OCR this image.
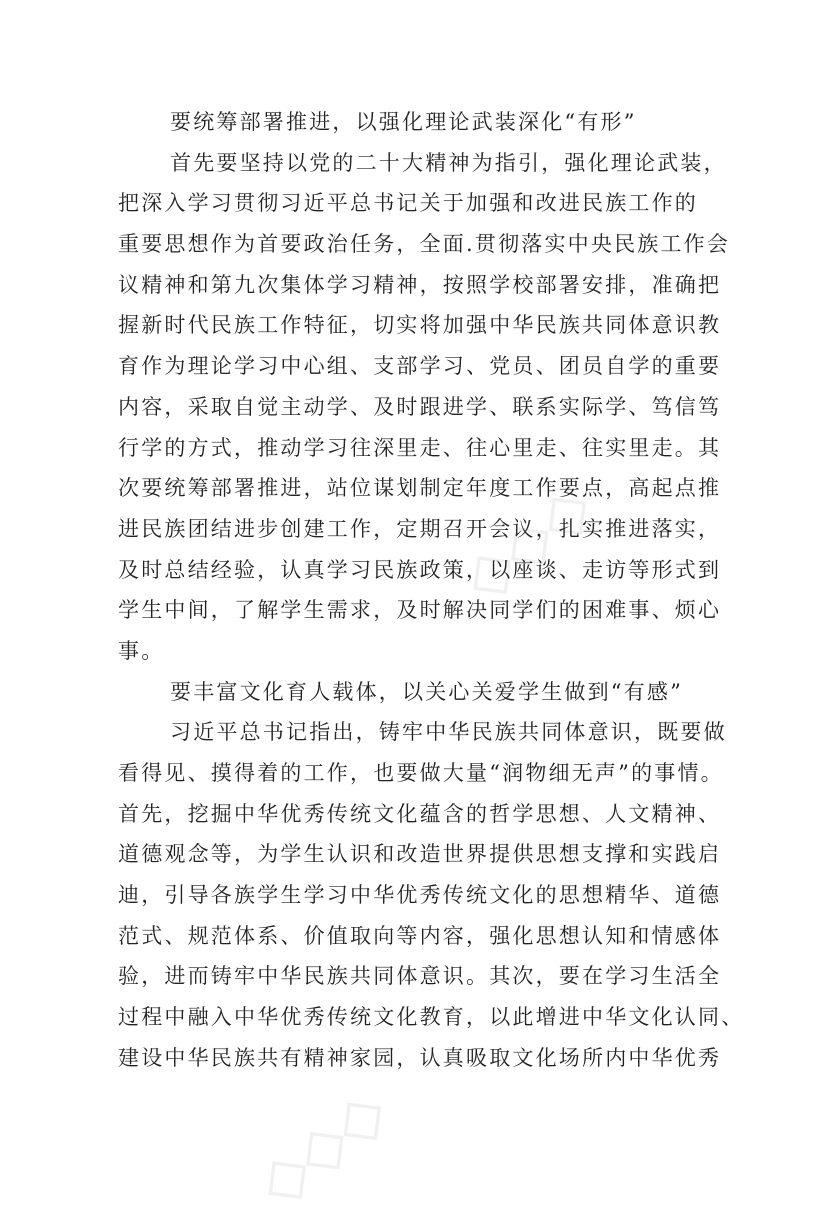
◇◇◇
◇◇◇
要统筹部署推进，以强化理论武装深化“有形”
首先要坚持以党的二十大精神为指引，强化理论武装，
把深入学习贯彻习近平总书记关于加强和改进民族工作的
重要思想作为首要政治任务，全面.贯彻落实中央民族工作会
议精神和第九次集体学习精神，按照学校部署安排，准确把
握新时代民族工作特征，切实将加强中华民族共同体意识教
育作为理论学习中心组、支部学习、党员、团员自学的重要
内容，采取自觉主动学、及时跟进学、联系实际学、笃信笃
行学的方式，推动学习往深里走、往心里走、往实里走。其
次要统筹部署推进，站位谋划制定年度工作要点，高起点推
进民族团结进步创建工作，定期召开会议，扎实推进落实，
及时总结经验，认真学习民族政策，以座谈、走访等形式到
学生中间，了解学生需求，及时解决同学们的困难事、烦心
事。
要丰富文化育人载体，以关心关爱学生做到“有感”
习近平总书记指出，铸牢中华民族共同体意识，既要做
看得见、摸得着的工作，也要做大量“润物细无声”的事情。
首先，挖掘中华优秀传统文化蕴含的哲学思想、人文精神、
道德观念等，为学生认识和改造世界提供思想支撑和实践启
迪，引导各族学生学习中华优秀传统文化的思想精华、道德
范式、规范体系、价值取向等内容，强化思想认知和情感体
验，进而铸牢中华民族共同体意识。其次，要在学习生活全
过程中融入中华优秀传统文化教育，以此增进中华文化认同、
建设中华民族共有精神家园，认真吸取文化场所内中华优秀
